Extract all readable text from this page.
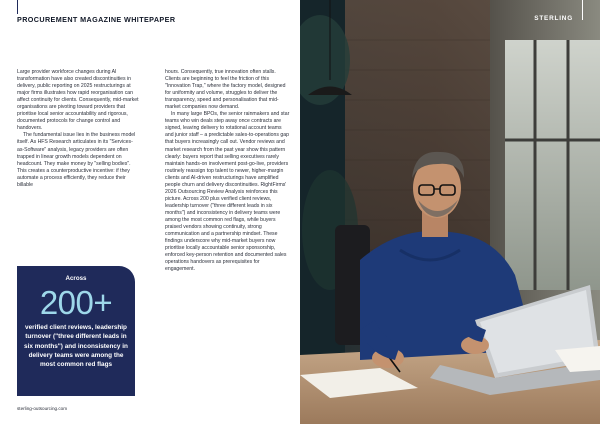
PROCUREMENT MAGAZINE WHITEPAPER

Large provider workforce changes during AI transformation have also created discontinuities in delivery, public reporting on 2025 restructurings at major firms illustrates how rapid reorganisation can affect continuity for clients. Consequently, mid-market organisations are pivoting toward providers that prioritise local senior accountability and rigorous, documented protocols for change control and handovers.

The fundamental issue lies in the business model itself. As HFS Research articulates in its "Services-as-Software" analysis, legacy providers are often trapped in linear growth models dependent on headcount. They make money by "selling bodies". This creates a counterproductive incentive: if they automate a process efficiently, they reduce their billable

hours. Consequently, true innovation often stalls. Clients are beginning to feel the friction of this "Innovation Trap," where the factory model, designed for uniformity and volume, struggles to deliver the transparency, speed and personalisation that mid-market companies now demand.

In many large BPOs, the senior rainmakers and star teams who win deals step away once contracts are signed, leaving delivery to rotational account teams and junior staff – a predictable sales-to-operations gap that buyers increasingly call out. Vendor reviews and market research from the past year show this pattern clearly: buyers report that selling executives rarely maintain hands-on involvement post-go-live, providers routinely reassign top talent to newer, higher-margin clients and AI-driven restructurings have amplified people churn and delivery discontinuities. RightFirms' 2026 Outsourcing Review Analysis reinforces this picture. Across 200 plus verified client reviews, leadership turnover ("three different leads in six months") and inconsistency in delivery teams were among the most common red flags, while buyers praised vendors showing continuity, strong communication and a partnership mindset. These findings underscore why mid-market buyers now prioritise locally accountable senior sponsorship, enforced key-person retention and documented sales operations handovers as prerequisites for engagement.

Across
200+
verified client reviews, leadership turnover ("three different leads in six months") and inconsistency in delivery teams were among the most common red flags
sterling-outsourcing.com
STERLING
